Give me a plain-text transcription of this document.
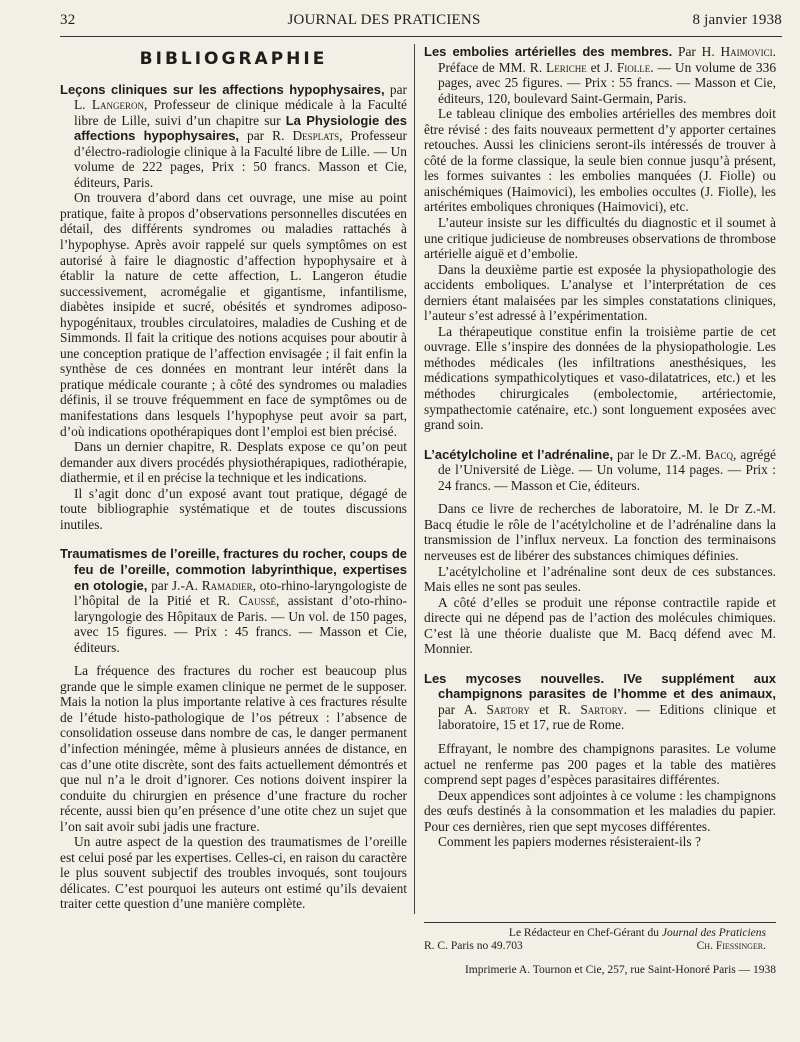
32	JOURNAL DES PRATICIENS	8 janvier 1938
BIBLIOGRAPHIE

Leçons cliniques sur les affections hypophysaires, par L. Langeron, Professeur de clinique médicale à la Faculté libre de Lille, suivi d’un chapitre sur La Physiologie des affections hypophysaires, par R. Desplats, Professeur d’électro-radiologie clinique à la Faculté libre de Lille. — Un volume de 222 pages, Prix : 50 francs. Masson et Cie, éditeurs, Paris.

On trouvera d’abord dans cet ouvrage, une mise au point pratique, faite à propos d’observations personnelles discutées en détail, des différents syndromes ou maladies rattachés à l’hypophyse. Après avoir rappelé sur quels symptômes on est autorisé à faire le diagnostic d’affection hypophysaire et à établir la nature de cette affection, L. Langeron étudie successivement, acromégalie et gigantisme, infantilisme, diabètes insipide et sucré, obésités et syndromes adiposo-hypogénitaux, troubles circulatoires, maladies de Cushing et de Simmonds. Il fait la critique des notions acquises pour aboutir à une conception pratique de l’affection envisagée ; il fait enfin la synthèse de ces données en montrant leur intérêt dans la pratique médicale courante ; à côté des syndromes ou maladies définis, il se trouve fréquemment en face de symptômes ou de manifestations dans lesquels l’hypophyse peut avoir sa part, d’où indications opothérapiques dont l’emploi est bien précisé.

Dans un dernier chapitre, R. Desplats expose ce qu’on peut demander aux divers procédés physiothérapiques, radiothérapie, diathermie, et il en précise la technique et les indications.

Il s’agit donc d’un exposé avant tout pratique, dégagé de toute bibliographie systématique et de toutes discussions inutiles.

Traumatismes de l’oreille, fractures du rocher, coups de feu de l’oreille, commotion labyrinthique, expertises en otologie, par J.-A. Ramadier, oto-rhino-laryngologiste de l’hôpital de la Pitié et R. Caussé, assistant d’oto-rhino-laryngologie des Hôpitaux de Paris. — Un vol. de 150 pages, avec 15 figures. — Prix : 45 francs. — Masson et Cie, éditeurs.

La fréquence des fractures du rocher est beaucoup plus grande que le simple examen clinique ne permet de le supposer. Mais la notion la plus importante relative à ces fractures résulte de l’étude histo-pathologique de l’os pétreux : l’absence de consolidation osseuse dans nombre de cas, le danger permanent d’infection méningée, même à plusieurs années de distance, en cas d’une otite discrète, sont des faits actuellement démontrés et que nul n’a le droit d’ignorer. Ces notions doivent inspirer la conduite du chirurgien en présence d’une fracture du rocher récente, aussi bien qu’en présence d’une otite chez un sujet que l’on sait avoir subi jadis une fracture.

Un autre aspect de la question des traumatismes de l’oreille est celui posé par les expertises. Celles-ci, en raison du caractère le plus souvent subjectif des troubles invoqués, sont toujours délicates. C’est pourquoi les auteurs ont estimé qu’ils devaient traiter cette question d’une manière complète.

Les embolies artérielles des membres. Par H. Haimovici. Préface de MM. R. Leriche et J. Fiolle. — Un volume de 336 pages, avec 25 figures. — Prix : 55 francs. — Masson et Cie, éditeurs, 120, boulevard Saint-Germain, Paris.

Le tableau clinique des embolies artérielles des membres doit être révisé : des faits nouveaux permettent d’y apporter certaines retouches. Aussi les cliniciens seront-ils intéressés de trouver à côté de la forme classique, la seule bien connue jusqu’à présent, les formes suivantes : les embolies manquées (J. Fiolle) ou anischémiques (Haimovici), les embolies occultes (J. Fiolle), les artérites emboliques chroniques (Haimovici), etc.

L’auteur insiste sur les difficultés du diagnostic et il soumet à une critique judicieuse de nombreuses observations de thrombose artérielle aiguë et d’embolie.

Dans la deuxième partie est exposée la physiopathologie des accidents emboliques. L’analyse et l’interprétation de ces derniers étant malaisées par les simples constatations cliniques, l’auteur s’est adressé à l’expérimentation.

La thérapeutique constitue enfin la troisième partie de cet ouvrage. Elle s’inspire des données de la physiopathologie. Les méthodes médicales (les infiltrations anesthésiques, les médications sympathicolytiques et vaso-dilatatrices, etc.) et les méthodes chirurgicales (embolectomie, artériectomie, sympathectomie caténaire, etc.) sont longuement exposées avec grand soin.

L’acétylcholine et l’adrénaline, par le Dr Z.-M. Bacq, agrégé de l’Université de Liège. — Un volume, 114 pages. — Prix : 24 francs. — Masson et Cie, éditeurs.

Dans ce livre de recherches de laboratoire, M. le Dr Z.-M. Bacq étudie le rôle de l’acétylcholine et de l’adrénaline dans la transmission de l’influx nerveux. La fonction des terminaisons nerveuses est de libérer des substances chimiques définies.

L’acétylcholine et l’adrénaline sont deux de ces substances. Mais elles ne sont pas seules.

A côté d’elles se produit une réponse contractile rapide et directe qui ne dépend pas de l’action des molécules chimiques. C’est là une théorie dualiste que M. Bacq défend avec M. Monnier.

Les mycoses nouvelles. IVe supplément aux champignons parasites de l’homme et des animaux, par A. Sartory et R. Sartory. — Editions clinique et laboratoire, 15 et 17, rue de Rome.

Effrayant, le nombre des champignons parasites. Le volume actuel ne renferme pas 200 pages et la table des matières comprend sept pages d’espèces parasitaires différentes.

Deux appendices sont adjointes à ce volume : les champignons des œufs destinés à la consommation et les maladies du papier. Pour ces dernières, rien que sept mycoses différentes.

Comment les papiers modernes résisteraient-ils ?

Le Rédacteur en Chef-Gérant du Journal des Praticiens
R. C. Paris no 49.703	Ch. Fiessinger.
Imprimerie A. Tournon et Cie, 257, rue Saint-Honoré Paris — 1938
